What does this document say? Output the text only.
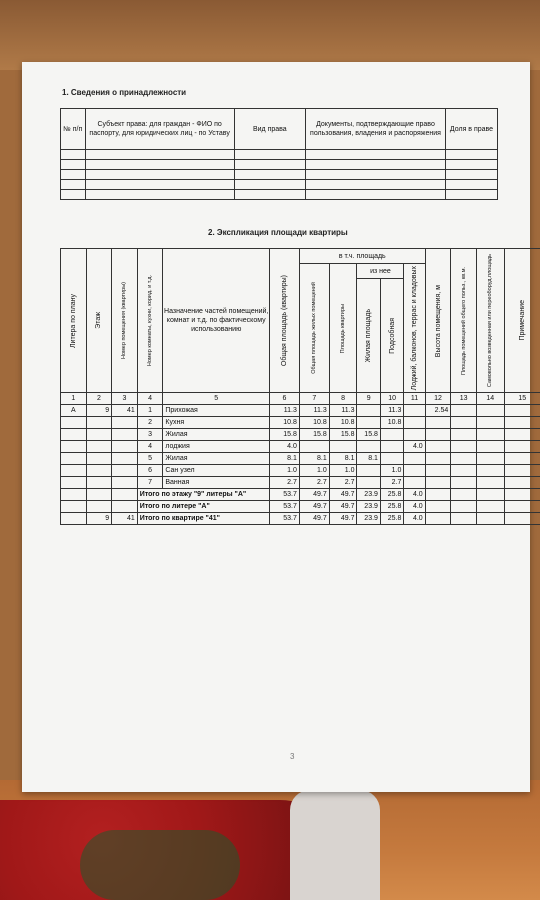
1. Сведения о принадлежности
№ п/п	Субъект права: для граждан - ФИО по паспорту, для юридических лиц - по Уставу	Вид права	Документы, подтверждающие право пользования, владения и распоряжения	Доля в праве

2. Экспликация площади квартиры
Литера по плану	Этаж	Номер помещения (квартиры)	Номер комнаты, кухни, корид. и т.д.	Назначение частей помещений, комнат и т.д. по фактическому использованию	Общая площадь (квартиры)	в т.ч. площадь					Высота помещения, м	Площадь помещений общего польз., кв.м.	Самовольно возведенная или переоборуд.площадь	Примечание

						Общая площадь жилых помещений	Площадь квартиры	из нее		Лоджий, балконов, террас и кладовых				

								Жилая площадь	Подсобная					

1	2	3	4	5	6	7	8	9	10	11	12	13	14	15
А	9	41	1	Прихожая	11.3	11.3	11.3		11.3		2.54			
			2	Кухня	10.8	10.8	10.8		10.8					
			3	Жилая	15.8	15.8	15.8	15.8						
			4	лоджия	4.0					4.0				
			5	Жилая	8.1	8.1	8.1	8.1						
			6	Сан узел	1.0	1.0	1.0		1.0					
			7	Ванная	2.7	2.7	2.7		2.7					
			Итого по этажу "9" литеры "А"		53.7	49.7	49.7	23.9	25.8	4.0				
			Итого по литере "А"		53.7	49.7	49.7	23.9	25.8	4.0				
	9	41	Итого по квартире "41"		53.7	49.7	49.7	23.9	25.8	4.0				
3
